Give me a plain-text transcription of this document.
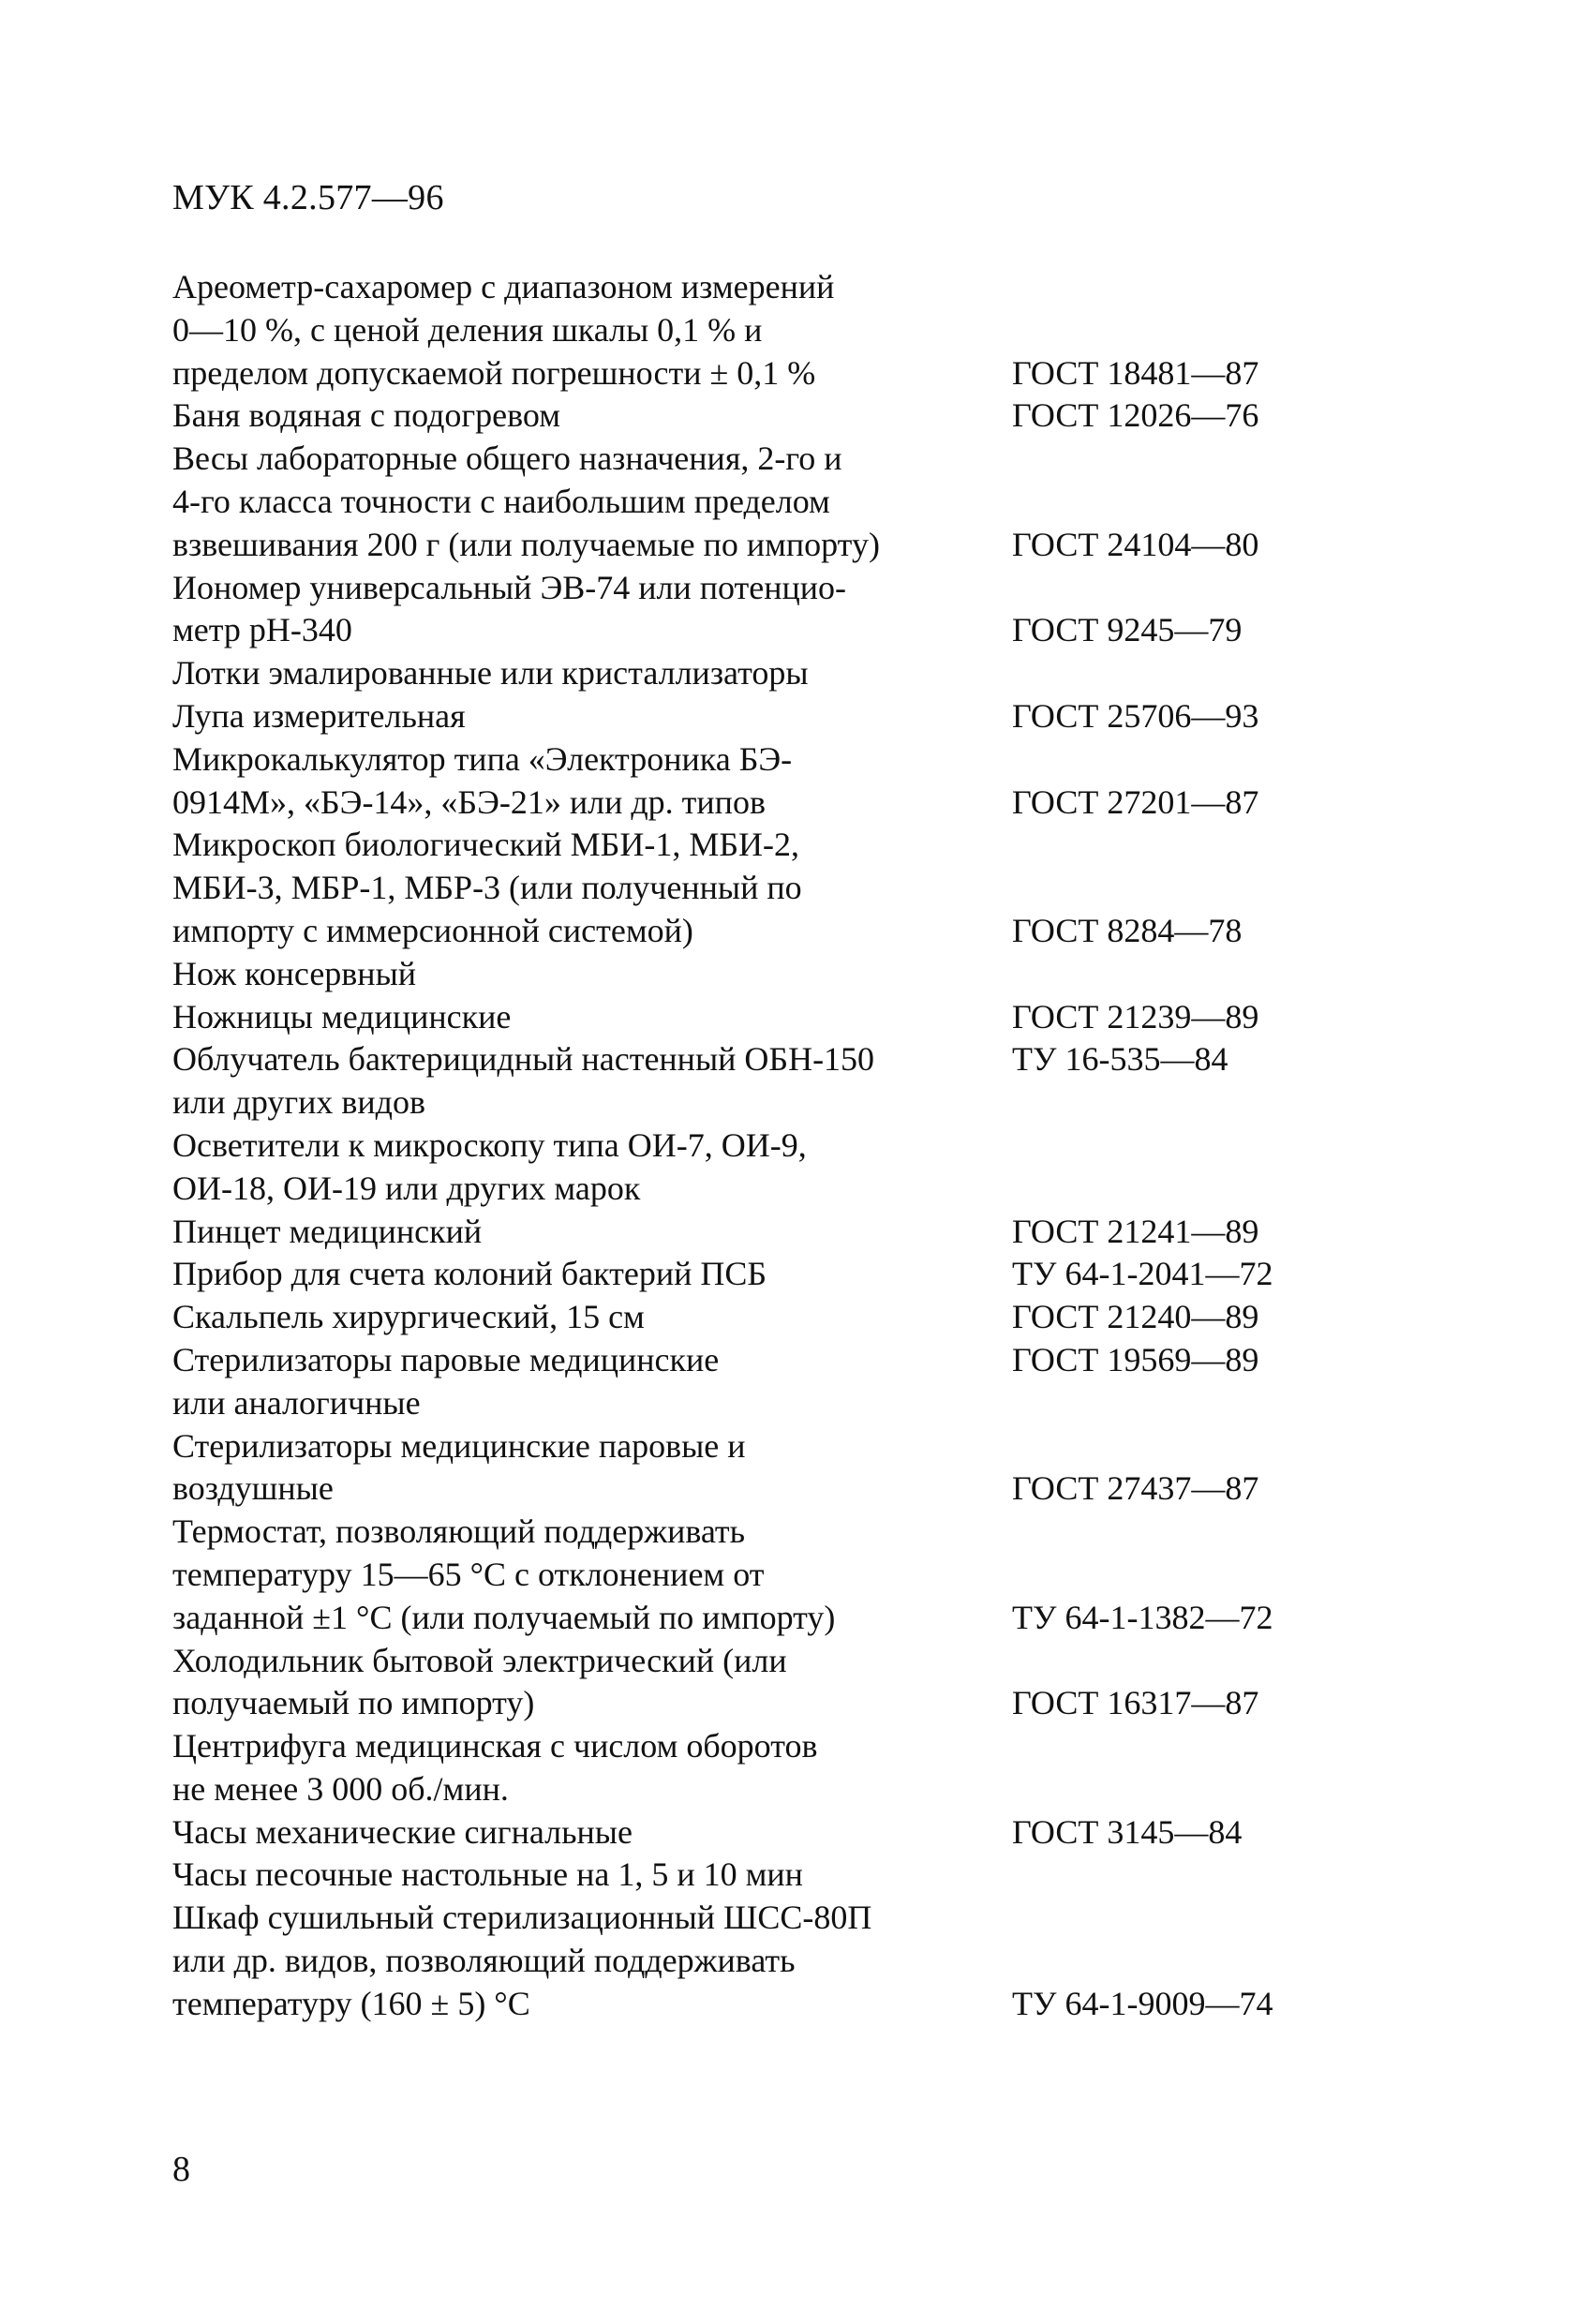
МУК 4.2.577—96
Ареометр-сахаромер с диапазоном измерений
0—10 %, с ценой деления шкалы 0,1 % и
пределом допускаемой погрешности ± 0,1 %	ГОСТ 18481—87
Баня водяная с подогревом	ГОСТ 12026—76
Весы лабораторные общего назначения, 2-го и
4-го класса точности с наибольшим пределом
взвешивания 200 г (или получаемые по импорту)	ГОСТ 24104—80
Иономер универсальный ЭВ-74 или потенцио-
метр pH-340	ГОСТ 9245—79
Лотки эмалированные или кристаллизаторы
Лупа измерительная	ГОСТ 25706—93
Микрокалькулятор типа «Электроника БЭ-
0914М», «БЭ-14», «БЭ-21» или др. типов	ГОСТ 27201—87
Микроскоп биологический МБИ-1, МБИ-2,
МБИ-3, МБР-1, МБР-3 (или полученный по
импорту с иммерсионной системой)	ГОСТ 8284—78
Нож консервный
Ножницы медицинские	ГОСТ 21239—89
Облучатель бактерицидный настенный ОБН-150	ТУ 16-535—84
или других видов
Осветители к микроскопу типа ОИ-7, ОИ-9,
ОИ-18, ОИ-19 или других марок
Пинцет медицинский	ГОСТ 21241—89
Прибор для счета колоний бактерий ПСБ	ТУ 64-1-2041—72
Скальпель хирургический, 15 см	ГОСТ 21240—89
Стерилизаторы паровые медицинские	ГОСТ 19569—89
или аналогичные
Стерилизаторы медицинские паровые и
воздушные	ГОСТ 27437—87
Термостат, позволяющий поддерживать
температуру 15—65 °С с отклонением от
заданной ±1 °С (или получаемый по импорту)	ТУ 64-1-1382—72
Холодильник бытовой электрический (или
получаемый по импорту)	ГОСТ 16317—87
Центрифуга медицинская с числом оборотов
не менее 3 000 об./мин.
Часы механические сигнальные	ГОСТ 3145—84
Часы песочные настольные на 1, 5 и 10 мин
Шкаф сушильный стерилизационный ШСС-80П
или др. видов, позволяющий поддерживать
температуру (160 ± 5) °С	ТУ 64-1-9009—74
8
